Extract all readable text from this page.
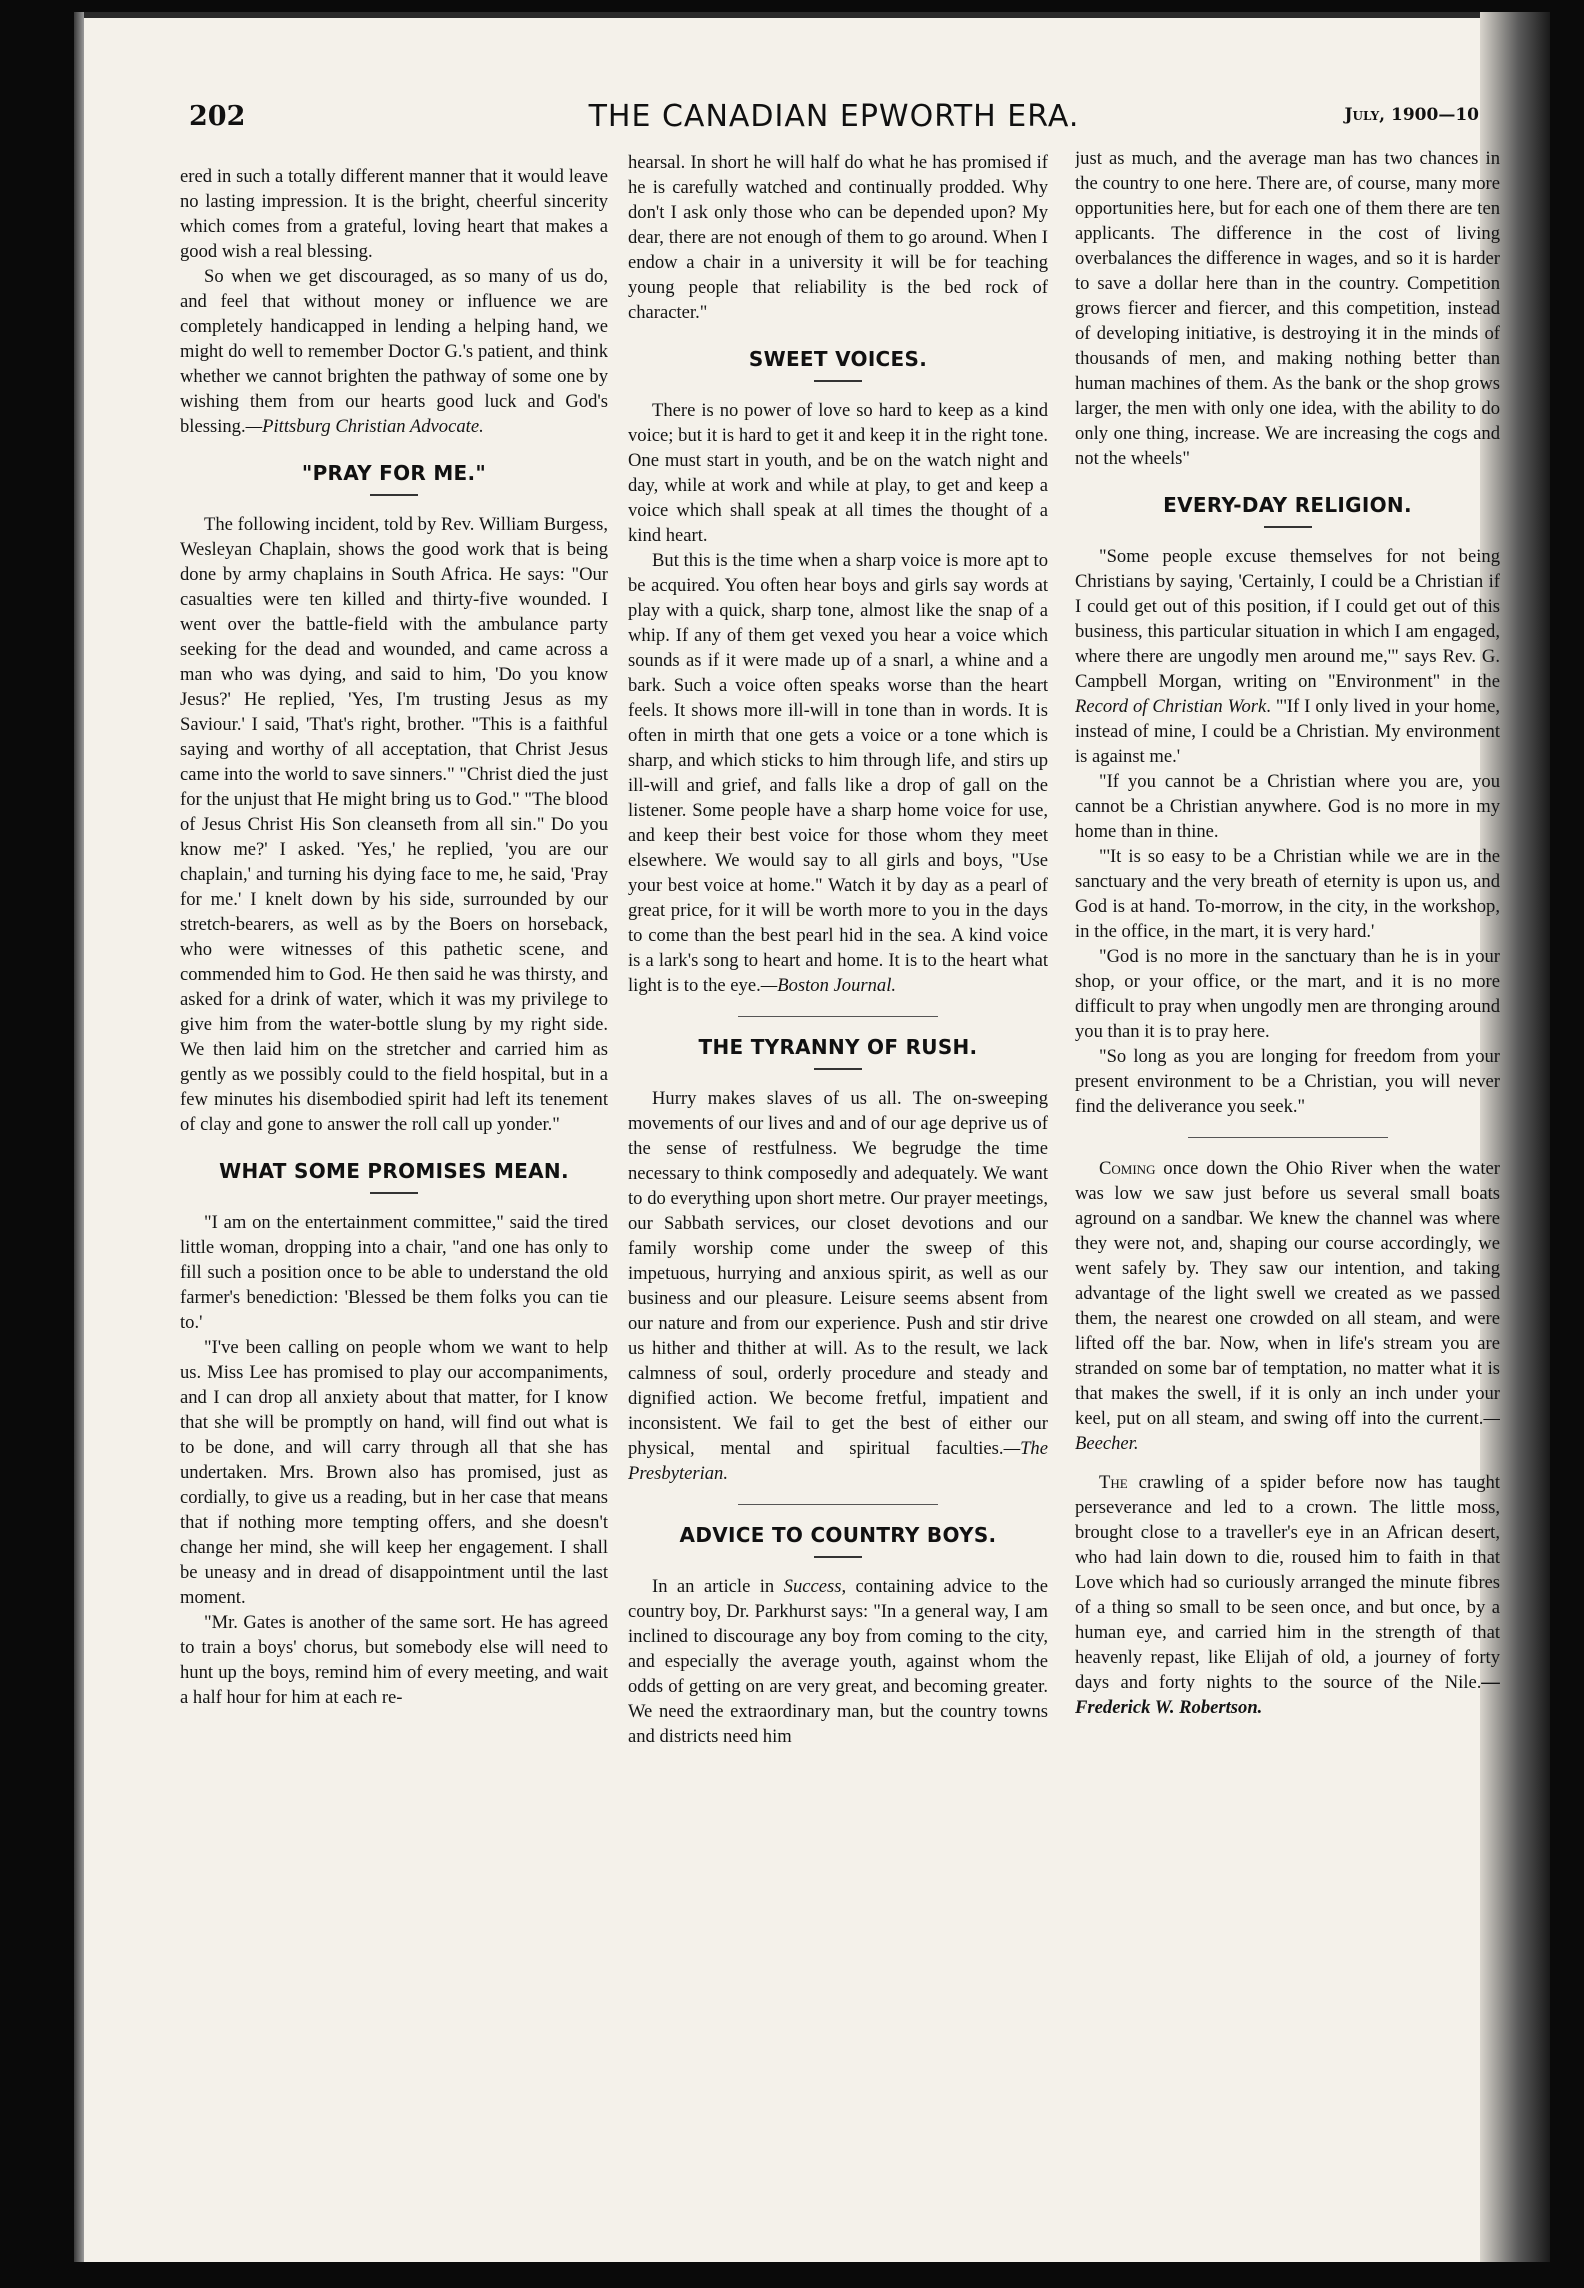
202	THE CANADIAN EPWORTH ERA.	July, 1900—10

ered in such a totally different manner that it would leave no lasting impression. It is the bright, cheerful sincerity which comes from a grateful, loving heart that makes a good wish a real blessing.

So when we get discouraged, as so many of us do, and feel that without money or influence we are completely handicapped in lending a helping hand, we might do well to remember Doctor G.'s patient, and think whether we cannot brighten the pathway of some one by wishing them from our hearts good luck and God's blessing.—Pittsburg Christian Advocate.

"PRAY FOR ME."

The following incident, told by Rev. William Burgess, Wesleyan Chaplain, shows the good work that is being done by army chaplains in South Africa. He says: "Our casualties were ten killed and thirty-five wounded. I went over the battle-field with the ambulance party seeking for the dead and wounded, and came across a man who was dying, and said to him, 'Do you know Jesus?' He replied, 'Yes, I'm trusting Jesus as my Saviour.' I said, 'That's right, brother. "This is a faithful saying and worthy of all acceptation, that Christ Jesus came into the world to save sinners." "Christ died the just for the unjust that He might bring us to God." "The blood of Jesus Christ His Son cleanseth from all sin." Do you know me?' I asked. 'Yes,' he replied, 'you are our chaplain,' and turning his dying face to me, he said, 'Pray for me.' I knelt down by his side, surrounded by our stretch-bearers, as well as by the Boers on horseback, who were witnesses of this pathetic scene, and commended him to God. He then said he was thirsty, and asked for a drink of water, which it was my privilege to give him from the water-bottle slung by my right side. We then laid him on the stretcher and carried him as gently as we possibly could to the field hospital, but in a few minutes his disembodied spirit had left its tenement of clay and gone to answer the roll call up yonder."

WHAT SOME PROMISES MEAN.

"I am on the entertainment committee," said the tired little woman, dropping into a chair, "and one has only to fill such a position once to be able to understand the old farmer's benediction: 'Blessed be them folks you can tie to.'

"I've been calling on people whom we want to help us. Miss Lee has promised to play our accompaniments, and I can drop all anxiety about that matter, for I know that she will be promptly on hand, will find out what is to be done, and will carry through all that she has undertaken. Mrs. Brown also has promised, just as cordially, to give us a reading, but in her case that means that if nothing more tempting offers, and she doesn't change her mind, she will keep her engagement. I shall be uneasy and in dread of disappointment until the last moment.

"Mr. Gates is another of the same sort. He has agreed to train a boys' chorus, but somebody else will need to hunt up the boys, remind him of every meeting, and wait a half hour for him at each re-

hearsal. In short he will half do what he has promised if he is carefully watched and continually prodded. Why don't I ask only those who can be depended upon? My dear, there are not enough of them to go around. When I endow a chair in a university it will be for teaching young people that reliability is the bed rock of character."

SWEET VOICES.

There is no power of love so hard to keep as a kind voice; but it is hard to get it and keep it in the right tone. One must start in youth, and be on the watch night and day, while at work and while at play, to get and keep a voice which shall speak at all times the thought of a kind heart.

But this is the time when a sharp voice is more apt to be acquired. You often hear boys and girls say words at play with a quick, sharp tone, almost like the snap of a whip. If any of them get vexed you hear a voice which sounds as if it were made up of a snarl, a whine and a bark. Such a voice often speaks worse than the heart feels. It shows more ill-will in tone than in words. It is often in mirth that one gets a voice or a tone which is sharp, and which sticks to him through life, and stirs up ill-will and grief, and falls like a drop of gall on the listener. Some people have a sharp home voice for use, and keep their best voice for those whom they meet elsewhere. We would say to all girls and boys, "Use your best voice at home." Watch it by day as a pearl of great price, for it will be worth more to you in the days to come than the best pearl hid in the sea. A kind voice is a lark's song to heart and home. It is to the heart what light is to the eye.—Boston Journal.

THE TYRANNY OF RUSH.

Hurry makes slaves of us all. The on-sweeping movements of our lives and and of our age deprive us of the sense of restfulness. We begrudge the time necessary to think composedly and adequately. We want to do everything upon short metre. Our prayer meetings, our Sabbath services, our closet devotions and our family worship come under the sweep of this impetuous, hurrying and anxious spirit, as well as our business and our pleasure. Leisure seems absent from our nature and from our experience. Push and stir drive us hither and thither at will. As to the result, we lack calmness of soul, orderly procedure and steady and dignified action. We become fretful, impatient and inconsistent. We fail to get the best of either our physical, mental and spiritual faculties.—The Presbyterian.

ADVICE TO COUNTRY BOYS.

In an article in Success, containing advice to the country boy, Dr. Parkhurst says: "In a general way, I am inclined to discourage any boy from coming to the city, and especially the average youth, against whom the odds of getting on are very great, and becoming greater. We need the extraordinary man, but the country towns and districts need him

just as much, and the average man has two chances in the country to one here. There are, of course, many more opportunities here, but for each one of them there are ten applicants. The difference in the cost of living overbalances the difference in wages, and so it is harder to save a dollar here than in the country. Competition grows fiercer and fiercer, and this competition, instead of developing initiative, is destroying it in the minds of thousands of men, and making nothing better than human machines of them. As the bank or the shop grows larger, the men with only one idea, with the ability to do only one thing, increase. We are increasing the cogs and not the wheels"

EVERY-DAY RELIGION.

"Some people excuse themselves for not being Christians by saying, 'Certainly, I could be a Christian if I could get out of this position, if I could get out of this business, this particular situation in which I am engaged, where there are ungodly men around me,'" says Rev. G. Campbell Morgan, writing on "Environment" in the Record of Christian Work. "'If I only lived in your home, instead of mine, I could be a Christian. My environment is against me.'

"If you cannot be a Christian where you are, you cannot be a Christian anywhere. God is no more in my home than in thine.

"'It is so easy to be a Christian while we are in the sanctuary and the very breath of eternity is upon us, and God is at hand. To-morrow, in the city, in the workshop, in the office, in the mart, it is very hard.'

"God is no more in the sanctuary than he is in your shop, or your office, or the mart, and it is no more difficult to pray when ungodly men are thronging around you than it is to pray here.

"So long as you are longing for freedom from your present environment to be a Christian, you will never find the deliverance you seek."

Coming once down the Ohio River when the water was low we saw just before us several small boats aground on a sandbar. We knew the channel was where they were not, and, shaping our course accordingly, we went safely by. They saw our intention, and taking advantage of the light swell we created as we passed them, the nearest one crowded on all steam, and were lifted off the bar. Now, when in life's stream you are stranded on some bar of temptation, no matter what it is that makes the swell, if it is only an inch under your keel, put on all steam, and swing off into the current.—Beecher.

The crawling of a spider before now has taught perseverance and led to a crown. The little moss, brought close to a traveller's eye in an African desert, who had lain down to die, roused him to faith in that Love which had so curiously arranged the minute fibres of a thing so small to be seen once, and but once, by a human eye, and carried him in the strength of that heavenly repast, like Elijah of old, a journey of forty days and forty nights to the source of the Nile.—Frederick W. Robertson.
